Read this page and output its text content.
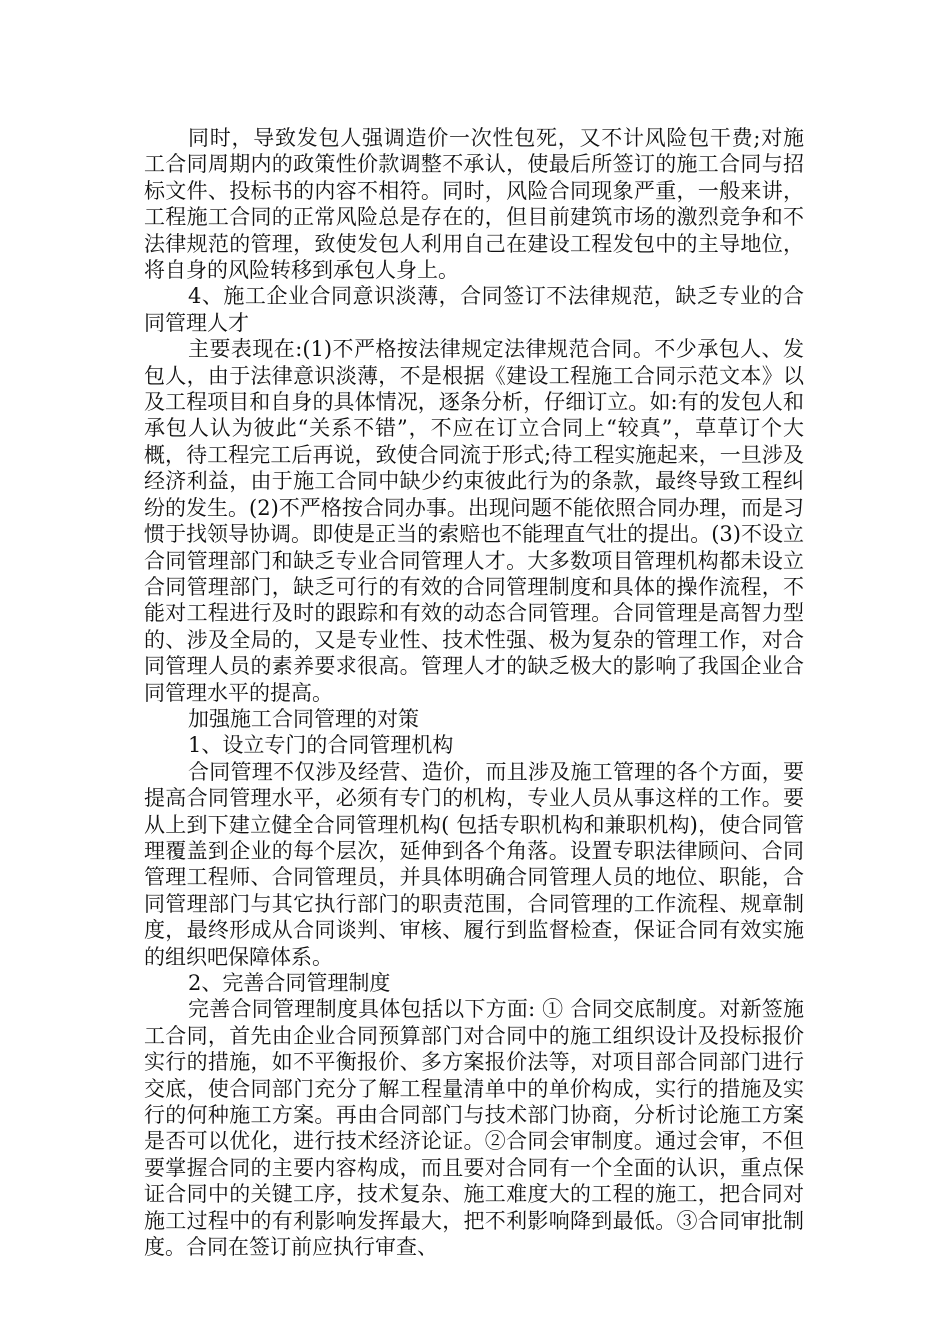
同时，导致发包人强调造价一次性包死，又不计风险包干费;对施工合同周期内的政策性价款调整不承认，使最后所签订的施工合同与招标文件、投标书的内容不相符。同时，风险合同现象严重，一般来讲，工程施工合同的正常风险总是存在的，但目前建筑市场的激烈竞争和不法律规范的管理，致使发包人利用自己在建设工程发包中的主导地位，将自身的风险转移到承包人身上。

4、施工企业合同意识淡薄，合同签订不法律规范，缺乏专业的合同管理人才

主要表现在:(1)不严格按法律规定法律规范合同。不少承包人、发包人，由于法律意识淡薄，不是根据《建设工程施工合同示范文本》以及工程项目和自身的具体情况，逐条分析，仔细订立。如:有的发包人和承包人认为彼此“关系不错”，不应在订立合同上“较真”，草草订个大概，待工程完工后再说，致使合同流于形式;待工程实施起来，一旦涉及经济利益，由于施工合同中缺少约束彼此行为的条款，最终导致工程纠纷的发生。(2)不严格按合同办事。出现问题不能依照合同办理，而是习惯于找领导协调。即使是正当的索赔也不能理直气壮的提出。(3)不设立合同管理部门和缺乏专业合同管理人才。大多数项目管理机构都未设立合同管理部门，缺乏可行的有效的合同管理制度和具体的操作流程，不能对工程进行及时的跟踪和有效的动态合同管理。合同管理是高智力型的、涉及全局的，又是专业性、技术性强、极为复杂的管理工作，对合同管理人员的素养要求很高。管理人才的缺乏极大的影响了我国企业合同管理水平的提高。

加强施工合同管理的对策

1、设立专门的合同管理机构

合同管理不仅涉及经营、造价，而且涉及施工管理的各个方面，要提高合同管理水平，必须有专门的机构，专业人员从事这样的工作。要从上到下建立健全合同管理机构( 包括专职机构和兼职机构)，使合同管理覆盖到企业的每个层次，延伸到各个角落。设置专职法律顾问、合同管理工程师、合同管理员，并具体明确合同管理人员的地位、职能，合同管理部门与其它执行部门的职责范围，合同管理的工作流程、规章制度，最终形成从合同谈判、审核、履行到监督检查，保证合同有效实施的组织吧保障体系。

2、完善合同管理制度

完善合同管理制度具体包括以下方面: ① 合同交底制度。对新签施工合同，首先由企业合同预算部门对合同中的施工组织设计及投标报价实行的措施，如不平衡报价、多方案报价法等，对项目部合同部门进行交底，使合同部门充分了解工程量清单中的单价构成，实行的措施及实行的何种施工方案。再由合同部门与技术部门协商，分析讨论施工方案是否可以优化，进行技术经济论证。②合同会审制度。通过会审，不但要掌握合同的主要内容构成，而且要对合同有一个全面的认识，重点保证合同中的关键工序，技术复杂、施工难度大的工程的施工，把合同对施工过程中的有利影响发挥最大，把不利影响降到最低。③合同审批制度。合同在签订前应执行审查、
